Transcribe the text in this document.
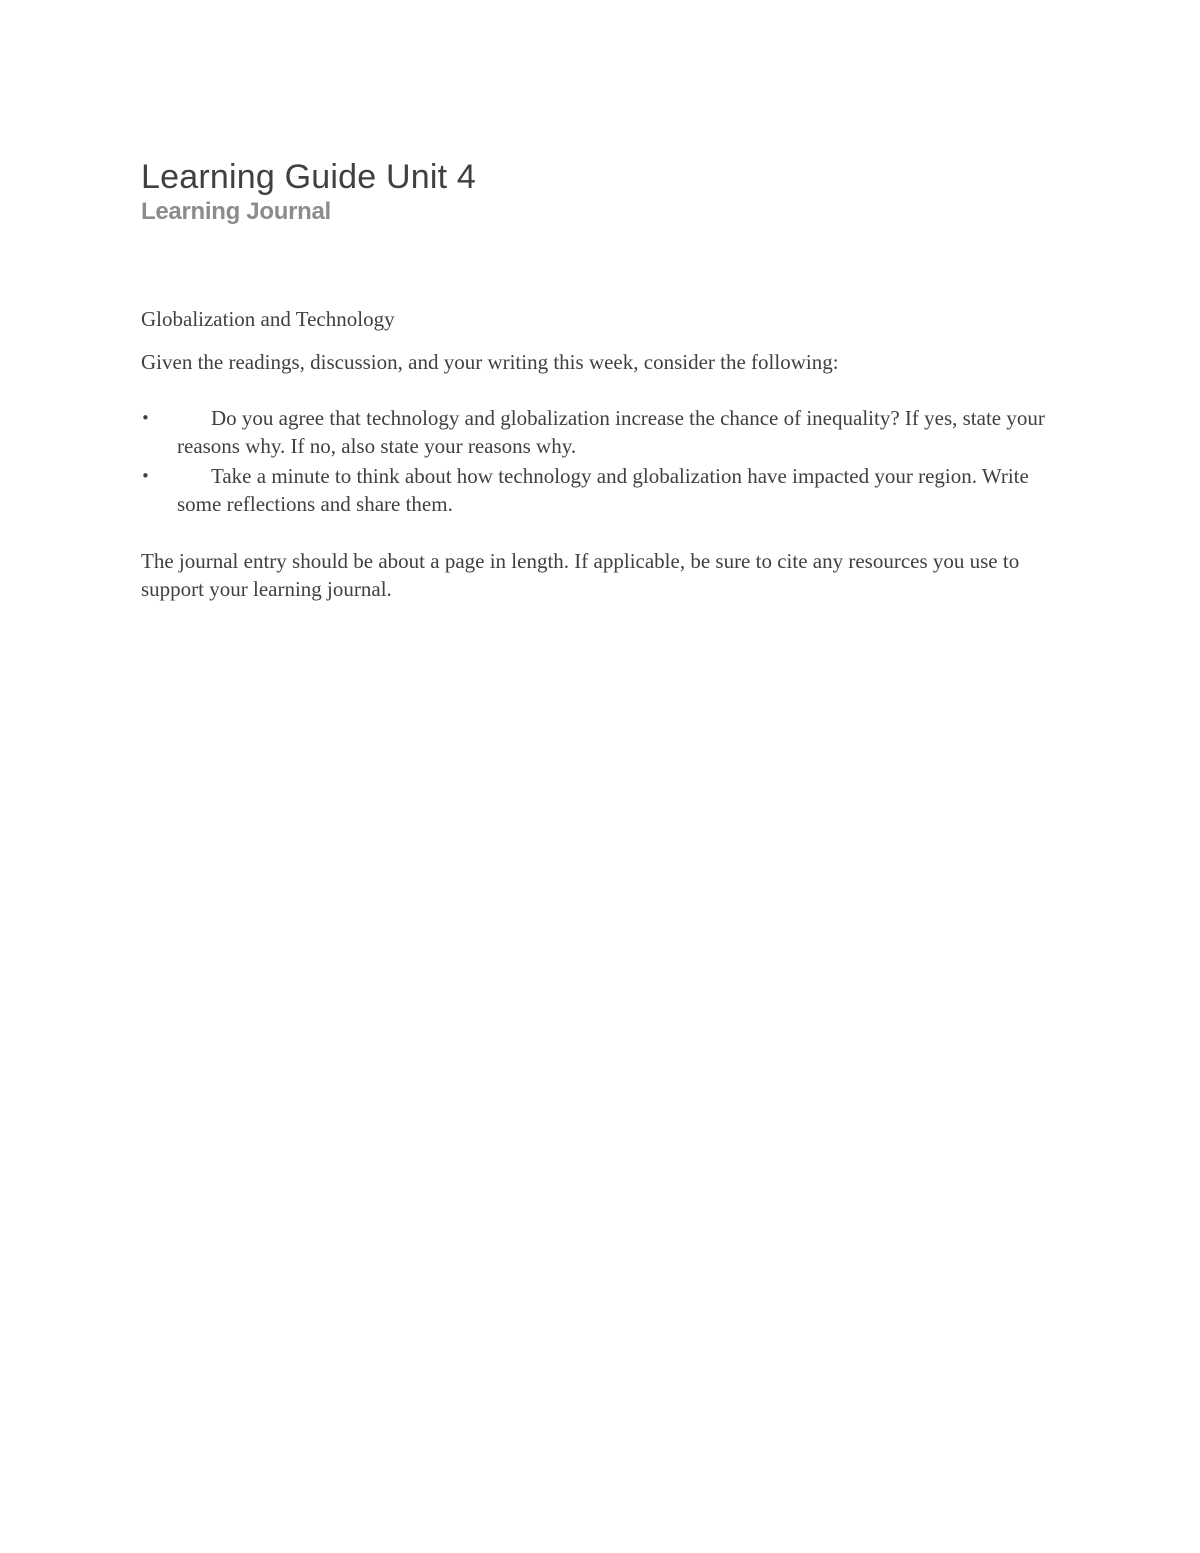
Learning Guide Unit 4
Learning Journal

Globalization and Technology

Given the readings, discussion, and your writing this week, consider the following:

•	Do you agree that technology and globalization increase the chance of inequality? If yes, state your reasons why. If no, also state your reasons why.
•	Take a minute to think about how technology and globalization have impacted your region. Write some reflections and share them.

The journal entry should be about a page in length. If applicable, be sure to cite any resources you use to support your learning journal.
